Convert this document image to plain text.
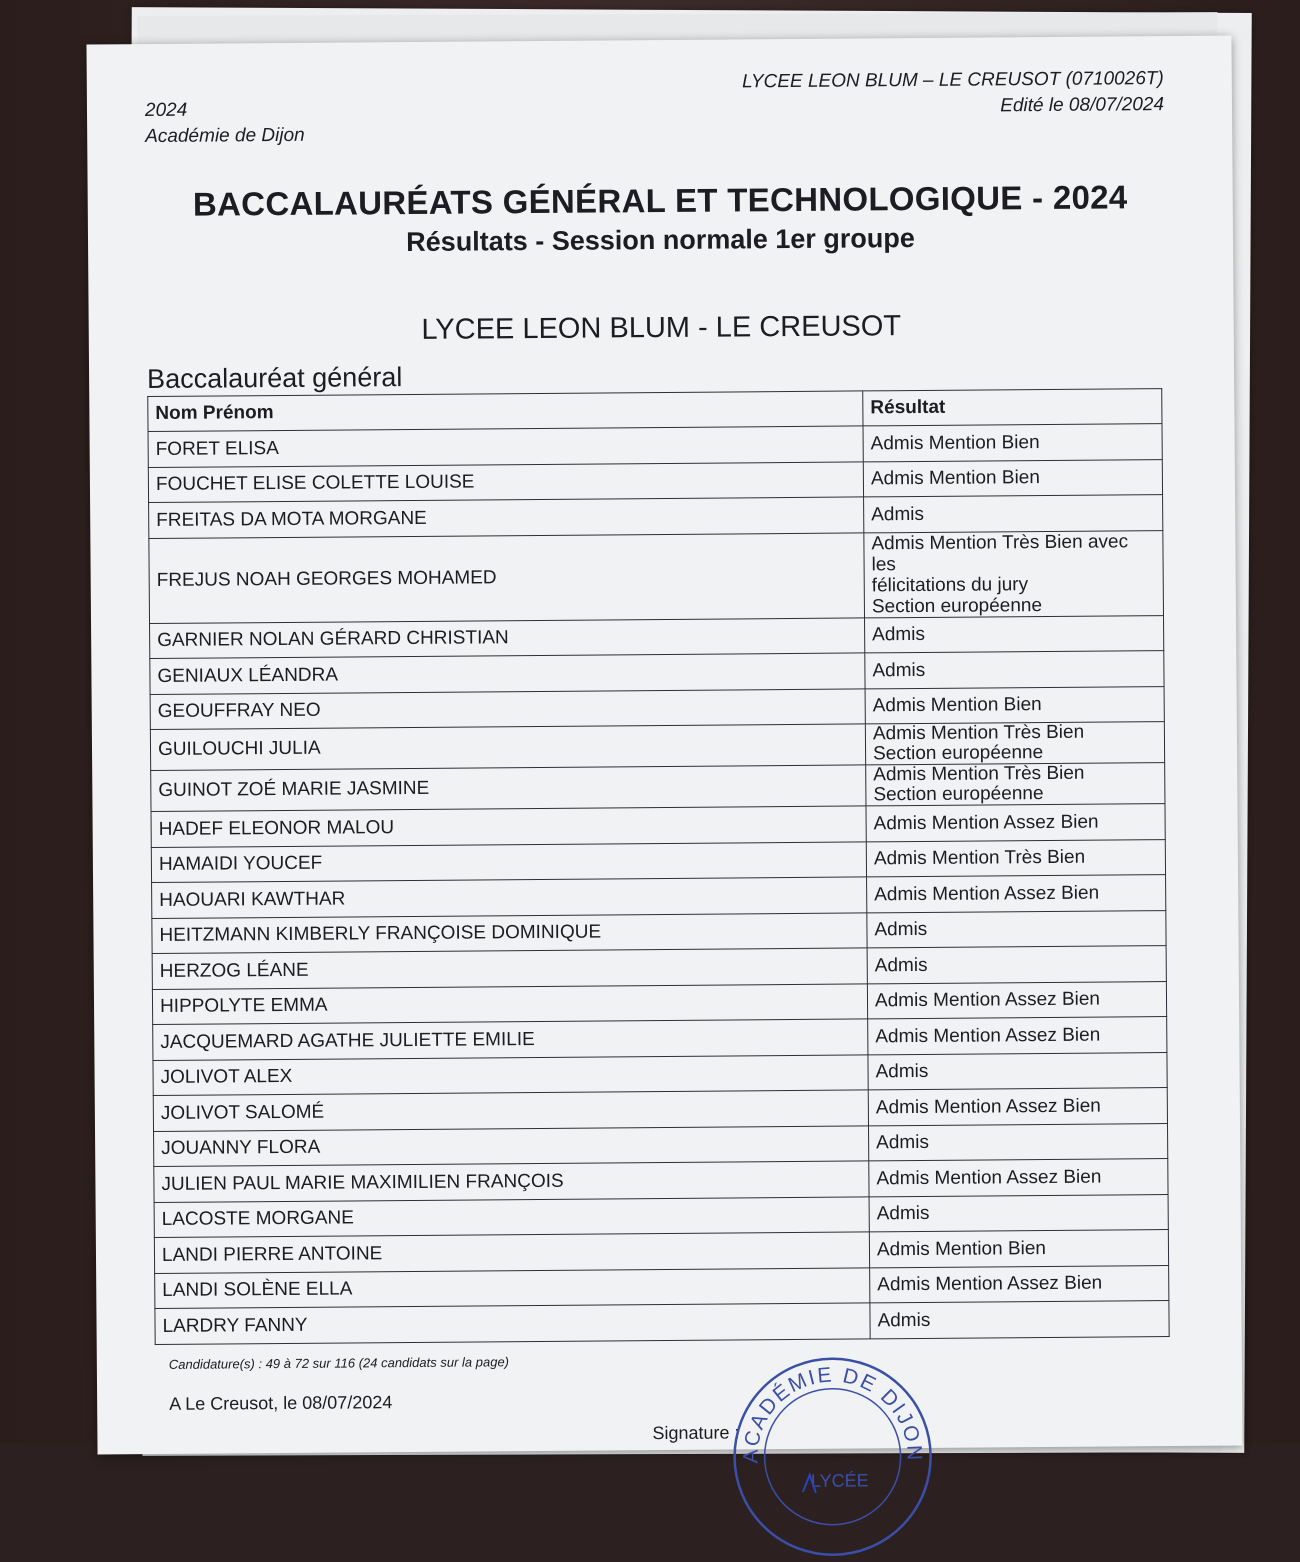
2024
Académie de Dijon
LYCEE LEON BLUM – LE CREUSOT (0710026T)
Edité le 08/07/2024
BACCALAURÉATS GÉNÉRAL ET TECHNOLOGIQUE - 2024
Résultats - Session normale 1er groupe
LYCEE LEON BLUM - LE CREUSOT
Baccalauréat général
Nom Prénom	Résultat
FORET ELISA	Admis Mention Bien

FOUCHET ELISE COLETTE LOUISE	Admis Mention Bien

FREITAS DA MOTA MORGANE	Admis

FREJUS NOAH GEORGES MOHAMED	Admis Mention Très Bien avec les
félicitations du jury
Section européenne

GARNIER NOLAN GÉRARD CHRISTIAN	Admis

GENIAUX LÉANDRA	Admis

GEOUFFRAY NEO	Admis Mention Bien

GUILOUCHI JULIA	Admis Mention Très Bien
Section européenne

GUINOT ZOÉ MARIE JASMINE	Admis Mention Très Bien
Section européenne

HADEF ELEONOR MALOU	Admis Mention Assez Bien

HAMAIDI YOUCEF	Admis Mention Très Bien

HAOUARI KAWTHAR	Admis Mention Assez Bien

HEITZMANN KIMBERLY FRANÇOISE DOMINIQUE	Admis

HERZOG LÉANE	Admis

HIPPOLYTE EMMA	Admis Mention Assez Bien

JACQUEMARD AGATHE JULIETTE EMILIE	Admis Mention Assez Bien

JOLIVOT ALEX	Admis

JOLIVOT SALOMÉ	Admis Mention Assez Bien

JOUANNY FLORA	Admis

JULIEN PAUL MARIE MAXIMILIEN FRANÇOIS	Admis Mention Assez Bien

LACOSTE MORGANE	Admis

LANDI PIERRE ANTOINE	Admis Mention Bien

LANDI SOLÈNE ELLA	Admis Mention Assez Bien

LARDRY FANNY	Admis
Candidature(s) : 49 à 72 sur 116 (24 candidats sur la page)
A Le Creusot, le 08/07/2024
Signature :
ACADÉMIE DE DIJON
LYCÉE
